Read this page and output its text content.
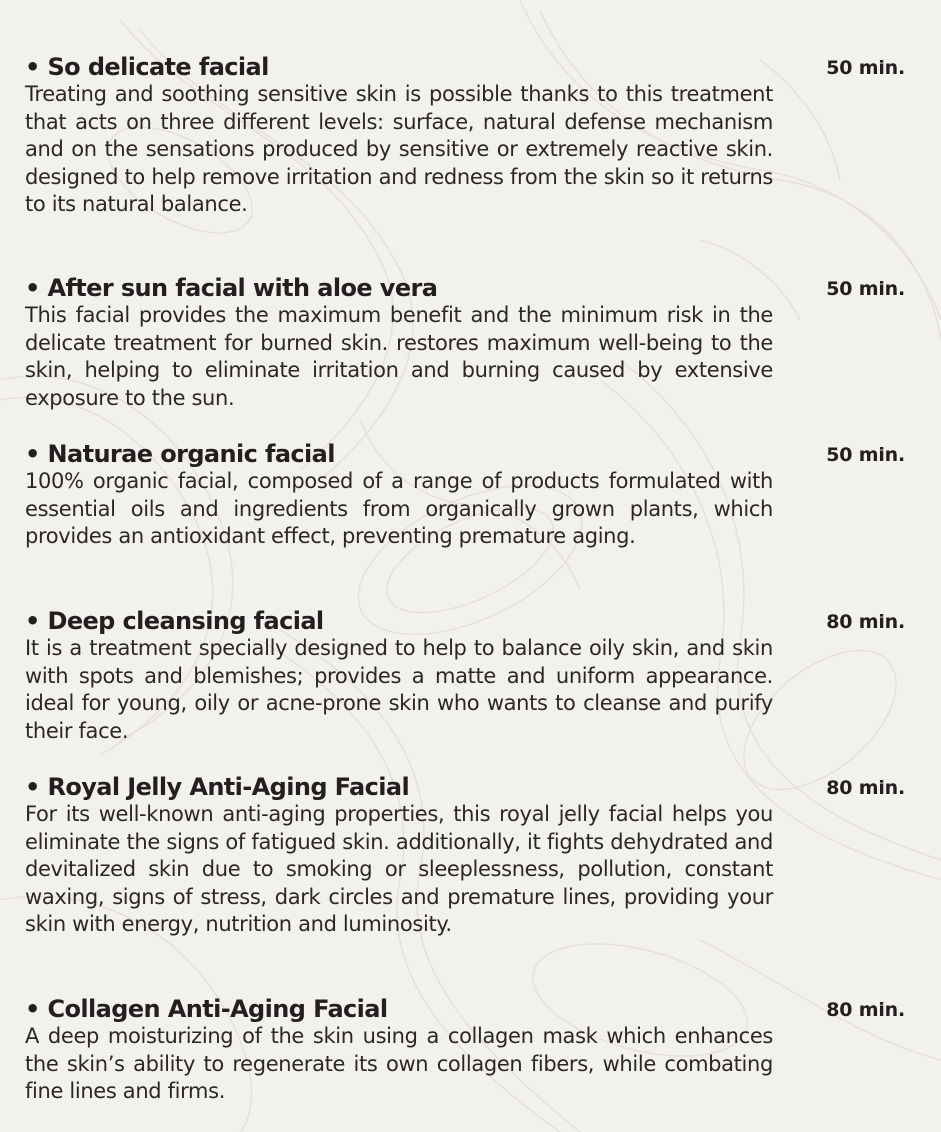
• So delicate facial	50 min.

Treating and soothing sensitive skin is possible thanks to this treatment that acts on three different levels: surface, natural defense mechanism and on the sensations produced by sensitive or extremely reactive skin. designed to help remove irritation and redness from the skin so it returns to its natural balance.

• After sun facial with aloe vera	50 min.

This facial provides the maximum benefit and the minimum risk in the delicate treatment for burned skin. restores maximum well-being to the skin, helping to eliminate irritation and burning caused by extensive exposure to the sun.

• Naturae organic facial	50 min.

100% organic facial, composed of a range of products formulated with essential oils and ingredients from organically grown plants, which provides an antioxidant effect, preventing premature aging.

• Deep cleansing facial	80 min.

It is a treatment specially designed to help to balance oily skin, and skin with spots and blemishes; provides a matte and uniform appearance. ideal for young, oily or acne-prone skin who wants to cleanse and purify their face.

• Royal Jelly Anti-Aging Facial	80 min.

For its well-known anti-aging properties, this royal jelly facial helps you eliminate the signs of fatigued skin. additionally, it fights dehydrated and devitalized skin due to smoking or sleeplessness, pollution, constant waxing, signs of stress, dark circles and premature lines, providing your skin with energy, nutrition and luminosity.

• Collagen Anti-Aging Facial	80 min.

A deep moisturizing of the skin using a collagen mask which enhances the skin’s ability to regenerate its own collagen fibers, while combating fine lines and firms.
